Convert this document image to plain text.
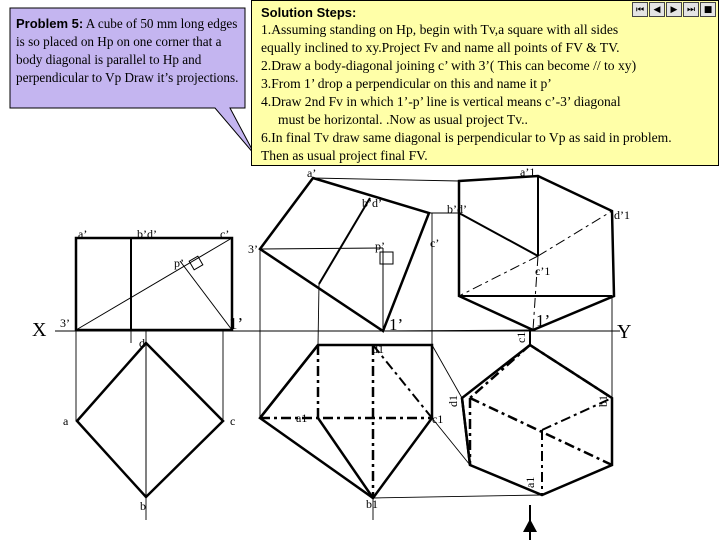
Problem 5: A cube of 50 mm long edges is so placed on Hp on one corner that a body diagonal is parallel to Hp and perpendicular to Vp Draw it’s projections.
Solution Steps:
1.Assuming standing on Hp, begin with Tv,a square with all sides
equally inclined to xy.Project Fv and name all points of FV & TV.
2.Draw a body-diagonal joining c’ with 3’( This can become // to xy)
3.From 1’ drop a perpendicular on this and name it p’
4.Draw 2nd Fv in which 1’-p’ line is vertical means c’-3’ diagonal
must be horizontal. .Now as usual project Tv..
6.In final Tv draw same diagonal is perpendicular to Vp as said in problem.
Then as usual project final FV.
⏮	◀	▶	⏭ ■
X	Y
a’	b’d’	c’
p’
3’	1’
d
a	c
b
a’
b’d’
3’	p’	c’
1’
d1
a1	c1
b1
a’1
b’d’	d’1
c’1
1’
c1
d1	b1
a1
